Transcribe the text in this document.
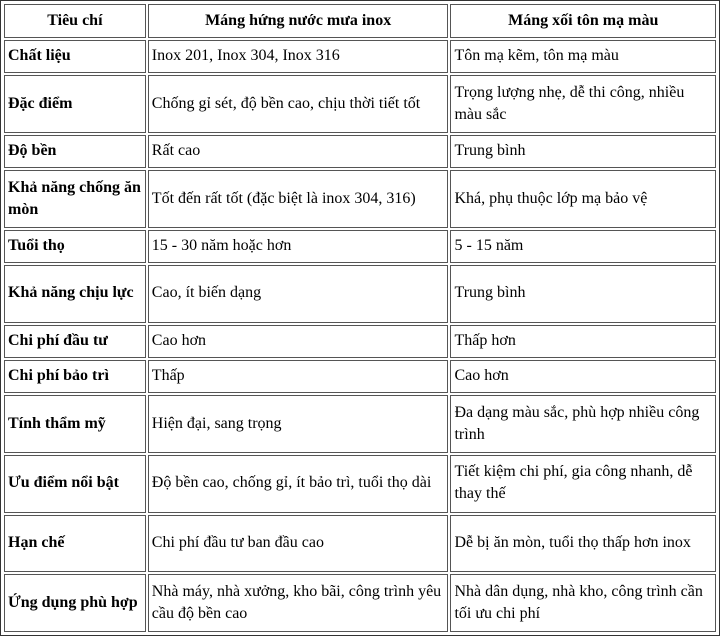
Tiêu chí	Máng hứng nước mưa inox	Máng xối tôn mạ màu
Chất liệu	Inox 201, Inox 304, Inox 316	Tôn mạ kẽm, tôn mạ màu
Đặc điểm	Chống gỉ sét, độ bền cao, chịu thời tiết tốt	Trọng lượng nhẹ, dễ thi công, nhiều màu sắc
Độ bền	Rất cao	Trung bình
Khả năng chống ăn mòn	Tốt đến rất tốt (đặc biệt là inox 304, 316)	Khá, phụ thuộc lớp mạ bảo vệ
Tuổi thọ	15 - 30 năm hoặc hơn	5 - 15 năm
Khả năng chịu lực	Cao, ít biến dạng	Trung bình
Chi phí đầu tư	Cao hơn	Thấp hơn
Chi phí bảo trì	Thấp	Cao hơn
Tính thẩm mỹ	Hiện đại, sang trọng	Đa dạng màu sắc, phù hợp nhiều công trình
Ưu điểm nổi bật	Độ bền cao, chống gỉ, ít bảo trì, tuổi thọ dài	Tiết kiệm chi phí, gia công nhanh, dễ thay thế
Hạn chế	Chi phí đầu tư ban đầu cao	Dễ bị ăn mòn, tuổi thọ thấp hơn inox
Ứng dụng phù hợp	Nhà máy, nhà xưởng, kho bãi, công trình yêu cầu độ bền cao	Nhà dân dụng, nhà kho, công trình cần tối ưu chi phí
